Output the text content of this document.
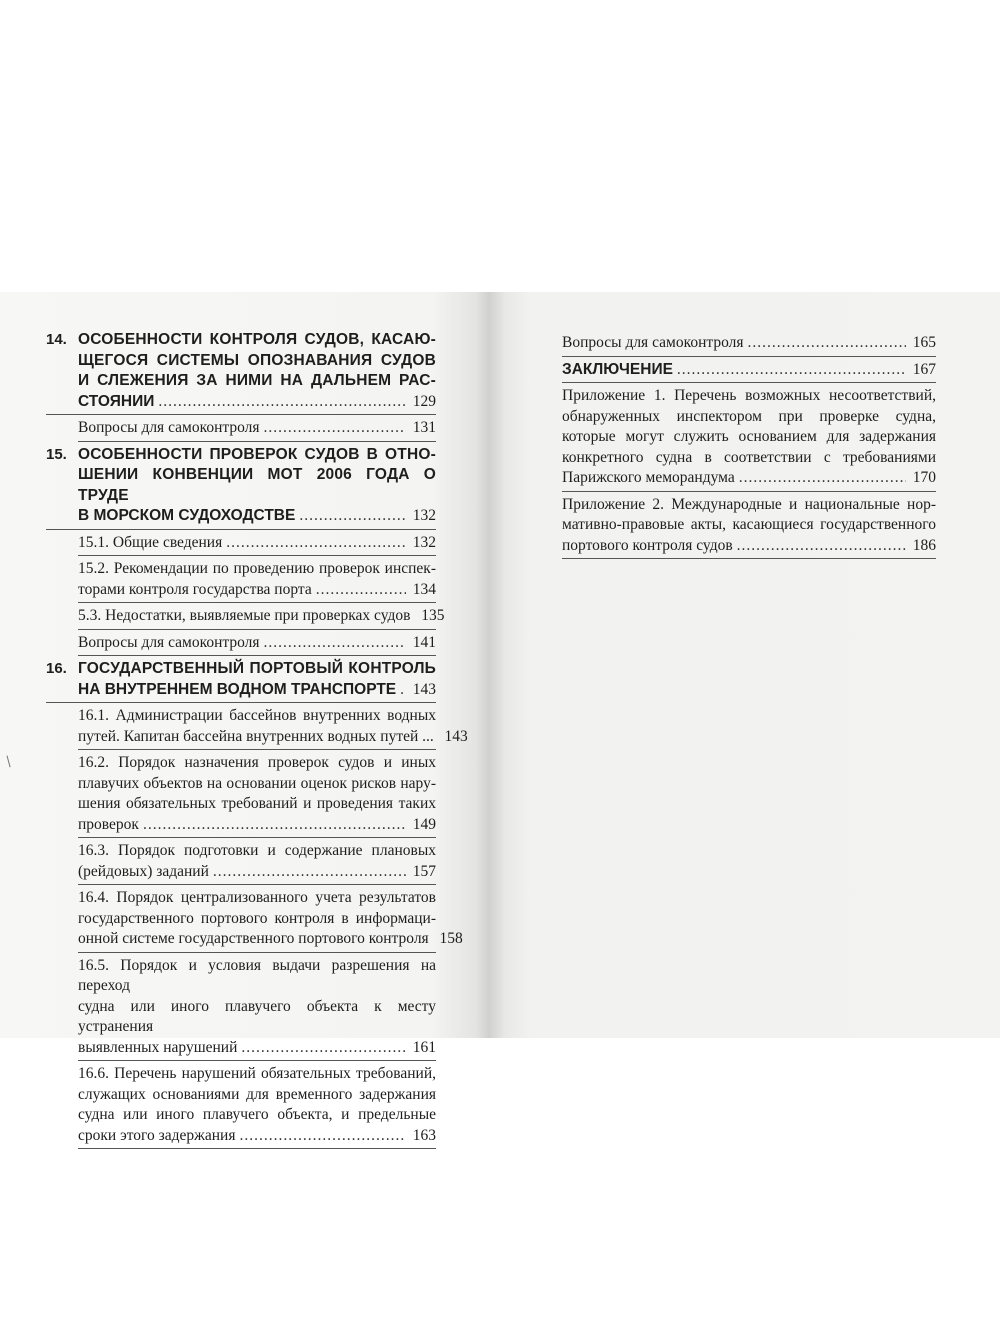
14. ОСОБЕННОСТИ КОНТРОЛЯ СУДОВ, КАСАЮ-
ЩЕГОСЯ СИСТЕМЫ ОПОЗНАВАНИЯ СУДОВ
И СЛЕЖЕНИЯ ЗА НИМИ НА ДАЛЬНЕМ РАС-
СТОЯНИИ .....	129
Вопросы для самоконтроля .....	131
15. ОСОБЕННОСТИ ПРОВЕРОК СУДОВ В ОТНО-
ШЕНИИ КОНВЕНЦИИ МОТ 2006 ГОДА О ТРУДЕ
В МОРСКОМ СУДОХОДСТВЕ .....	132
15.1. Общие сведения .....	132
15.2. Рекомендации по проведению проверок инспек-
торами контроля государства порта .....	134
5.3. Недостатки, выявляемые при проверках судов 135
Вопросы для самоконтроля .....	141
16. ГОСУДАРСТВЕННЫЙ ПОРТОВЫЙ КОНТРОЛЬ
НА ВНУТРЕННЕМ ВОДНОМ ТРАНСПОРТЕ ..... 143
16.1. Администрации бассейнов внутренних водных
путей. Капитан бассейна внутренних водных путей ... 143
16.2. Порядок назначения проверок судов и иных
плавучих объектов на основании оценок рисков нару-
шения обязательных требований и проведения таких
проверок .....	149
16.3. Порядок подготовки и содержание плановых
(рейдовых) заданий .....	157
16.4. Порядок централизованного учета результатов
государственного портового контроля в информаци-
онной системе государственного портового контроля 158
16.5. Порядок и условия выдачи разрешения на переход
судна или иного плавучего объекта к месту устранения
выявленных нарушений .....	161
16.6. Перечень нарушений обязательных требований,
служащих основаниями для временного задержания
судна или иного плавучего объекта, и предельные
сроки этого задержания .....	163
Вопросы для самоконтроля .....	165
ЗАКЛЮЧЕНИЕ .....	167
Приложение 1. Перечень возможных несоответствий,
обнаруженных инспектором при проверке судна,
которые могут служить основанием для задержания
конкретного судна в соответствии с требованиями
Парижского меморандума .....	170
Приложение 2. Международные и национальные нор-
мативно-правовые акты, касающиеся государственного
портового контроля судов .....	186
